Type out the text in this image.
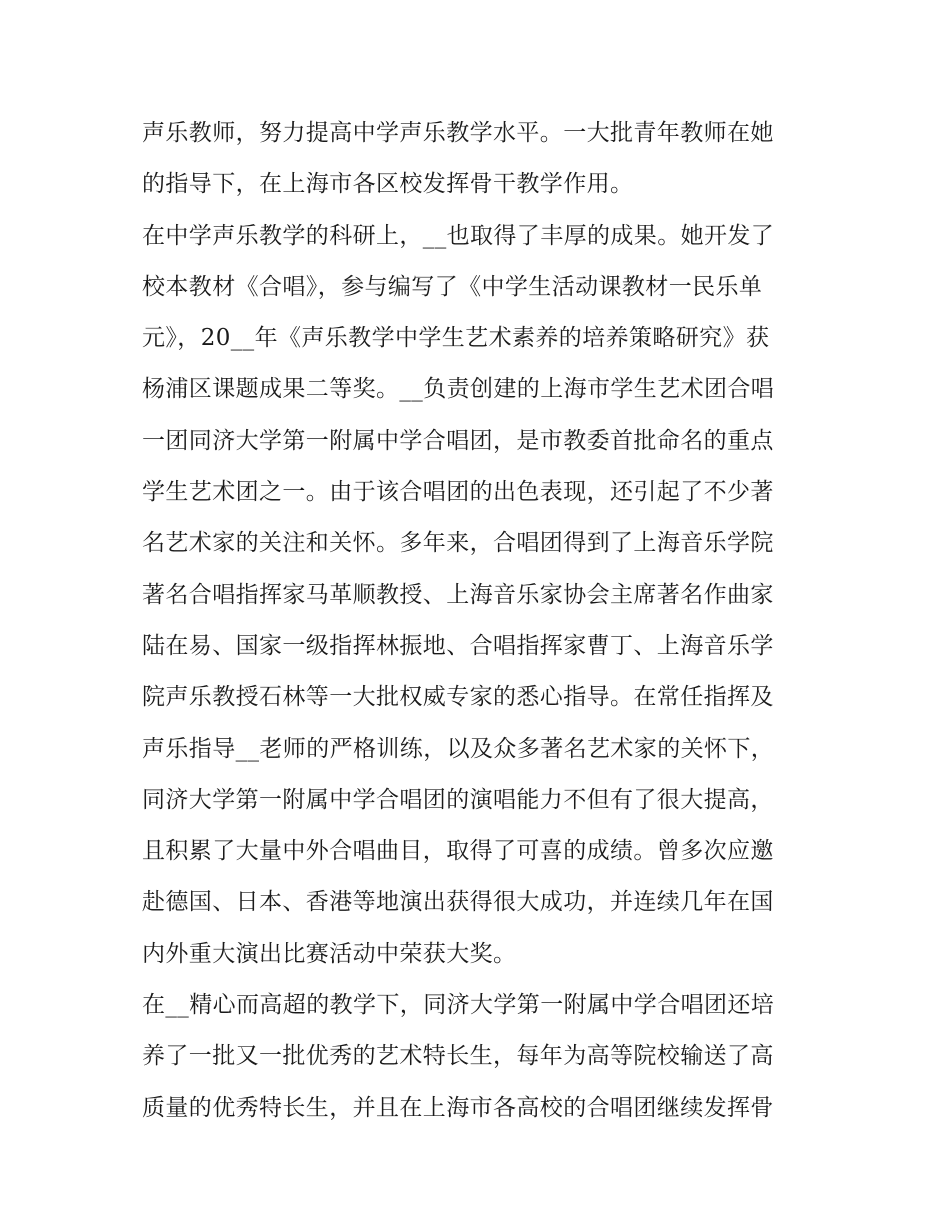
声乐教师，努力提高中学声乐教学水平。一大批青年教师在她
的指导下，在上海市各区校发挥骨干教学作用。
在中学声乐教学的科研上，__也取得了丰厚的成果。她开发了
校本教材《合唱》，参与编写了《中学生活动课教材一民乐单
元》，20__年《声乐教学中学生艺术素养的培养策略研究》获
杨浦区课题成果二等奖。__负责创建的上海市学生艺术团合唱
一团同济大学第一附属中学合唱团，是市教委首批命名的重点
学生艺术团之一。由于该合唱团的出色表现，还引起了不少著
名艺术家的关注和关怀。多年来，合唱团得到了上海音乐学院
著名合唱指挥家马革顺教授、上海音乐家协会主席著名作曲家
陆在易、国家一级指挥林振地、合唱指挥家曹丁、上海音乐学
院声乐教授石林等一大批权威专家的悉心指导。在常任指挥及
声乐指导__老师的严格训练，以及众多著名艺术家的关怀下，
同济大学第一附属中学合唱团的演唱能力不但有了很大提高，
且积累了大量中外合唱曲目，取得了可喜的成绩。曾多次应邀
赴德国、日本、香港等地演出获得很大成功，并连续几年在国
内外重大演出比赛活动中荣获大奖。
在__精心而高超的教学下，同济大学第一附属中学合唱团还培
养了一批又一批优秀的艺术特长生，每年为高等院校输送了高
质量的优秀特长生，并且在上海市各高校的合唱团继续发挥骨
